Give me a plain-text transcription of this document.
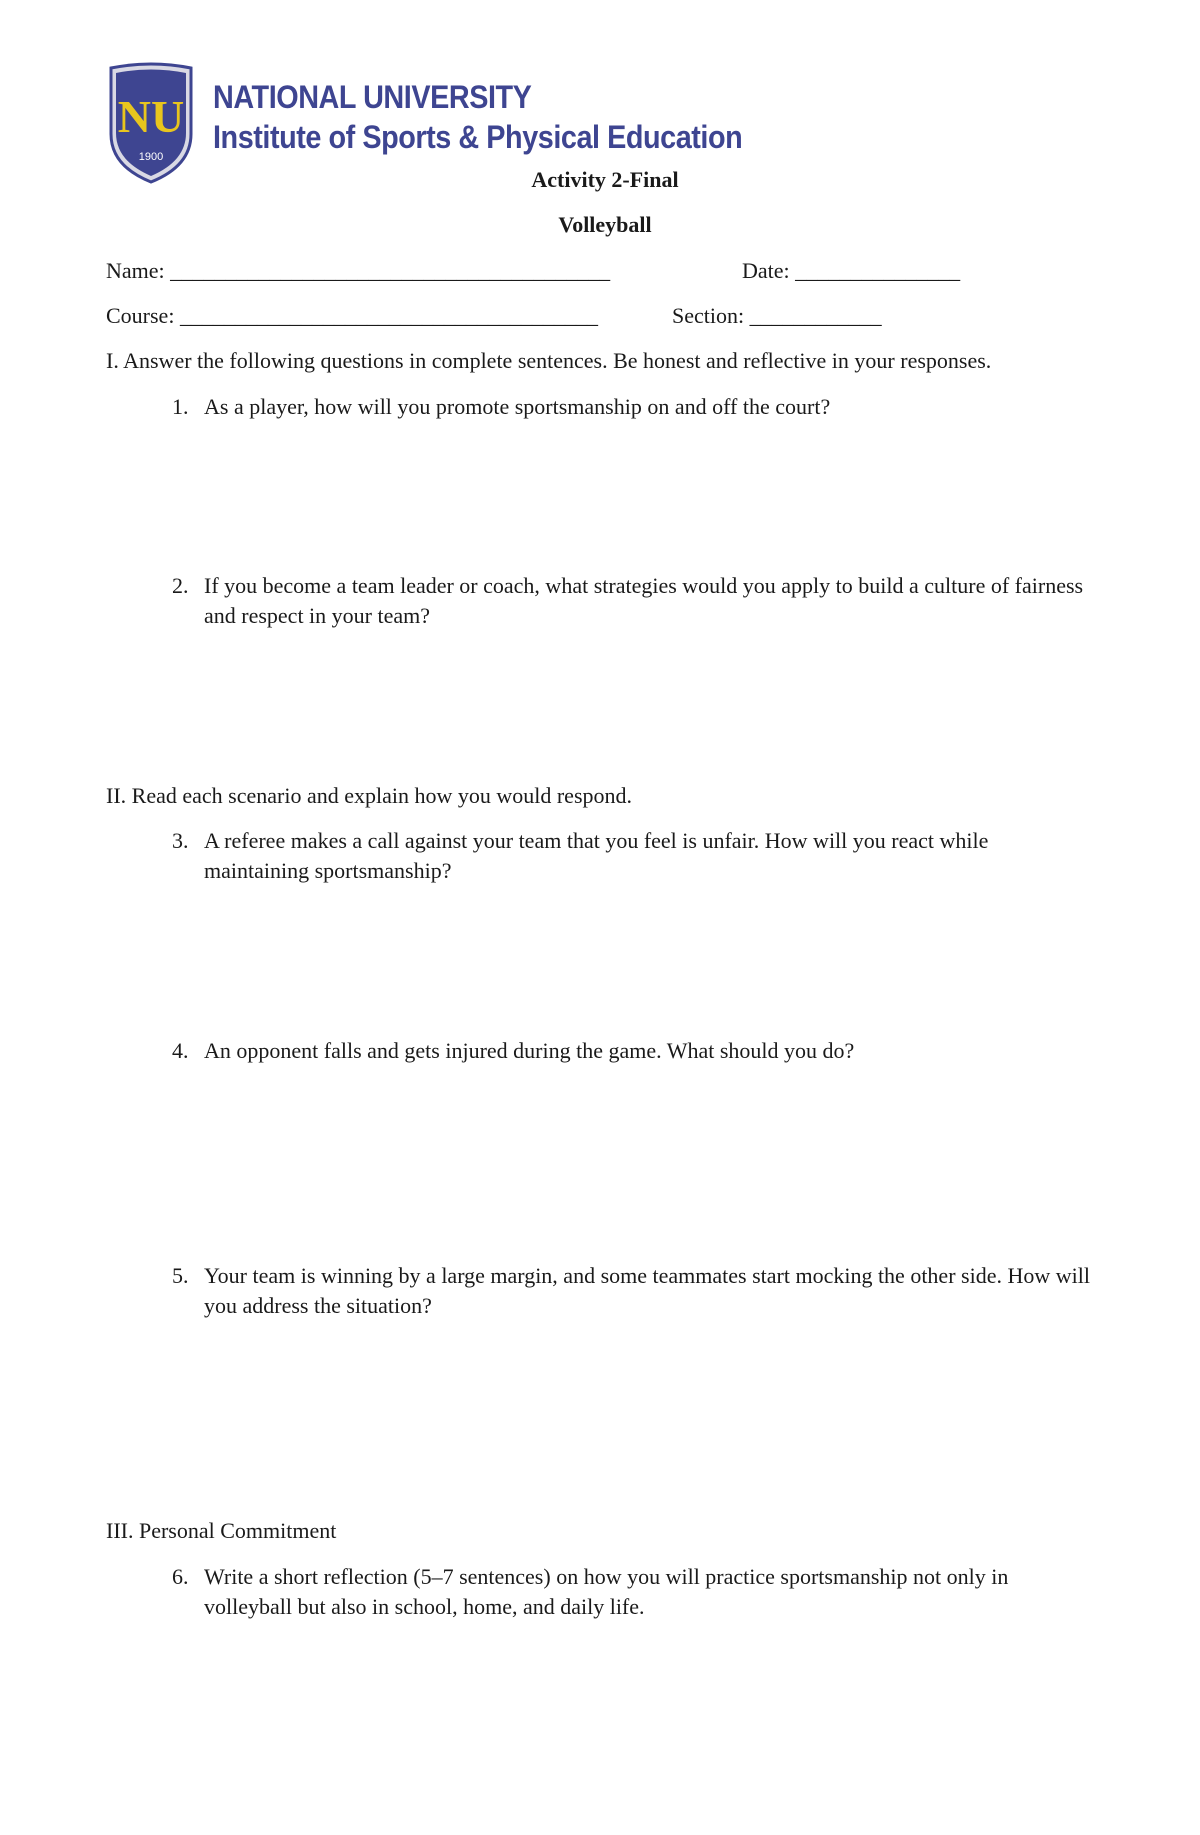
NU
1900
NATIONAL UNIVERSITY
Institute of Sports & Physical Education
Activity 2-Final
Volleyball
Name: ________________________________________	Date: _______________
Course: ______________________________________	Section: ____________
I. Answer the following questions in complete sentences. Be honest and reflective in your responses.
1. As a player, how will you promote sportsmanship on and off the court?
2. If you become a team leader or coach, what strategies would you apply to build a culture of fairness and respect in your team?
II. Read each scenario and explain how you would respond.
3. A referee makes a call against your team that you feel is unfair. How will you react while maintaining sportsmanship?
4. An opponent falls and gets injured during the game. What should you do?
5. Your team is winning by a large margin, and some teammates start mocking the other side. How will you address the situation?
III. Personal Commitment
6. Write a short reflection (5–7 sentences) on how you will practice sportsmanship not only in volleyball but also in school, home, and daily life.
